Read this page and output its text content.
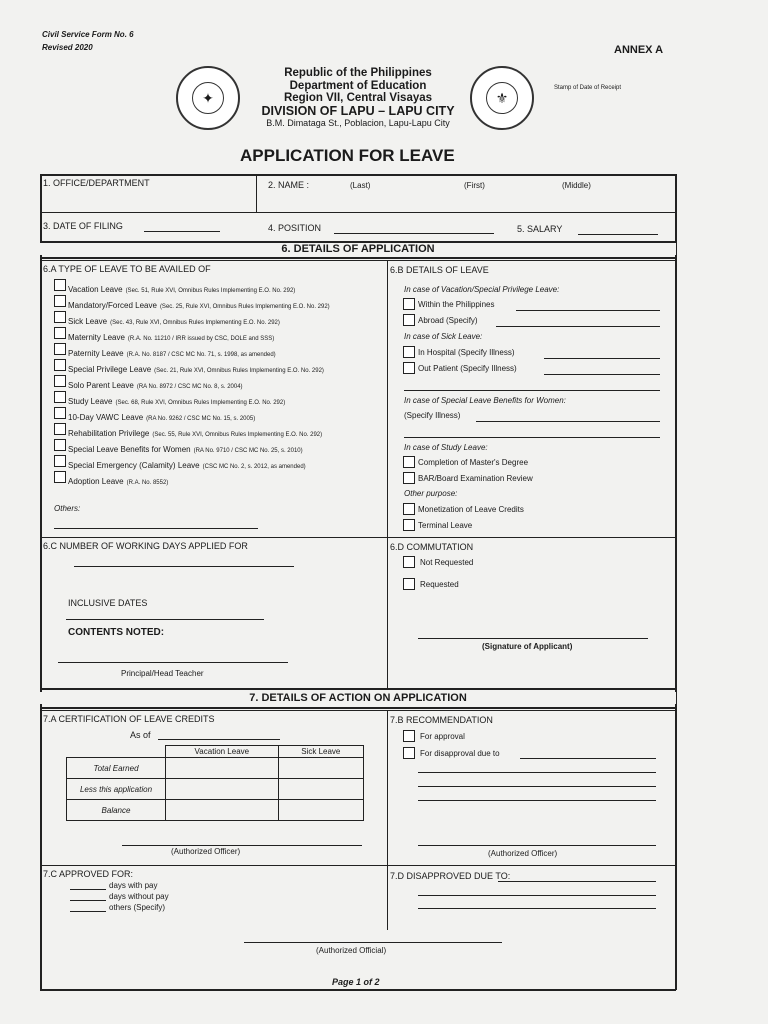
Civil Service Form No. 6
Revised 2020	ANNEX A
✦	⚜
Republic of the Philippines
Department of Education
Region VII, Central Visayas
DIVISION OF LAPU – LAPU CITY
B.M. Dimataga St., Poblacion, Lapu-Lapu City
Stamp of Date of Receipt
APPLICATION FOR LEAVE
1. OFFICE/DEPARTMENT	2. NAME :	(Last)	(First)	(Middle)
3. DATE OF FILING	4. POSITION	5. SALARY
6. DETAILS OF APPLICATION
6.A TYPE OF LEAVE TO BE AVAILED OF
Vacation Leave (Sec. 51, Rule XVI, Omnibus Rules Implementing E.O. No. 292)
Mandatory/Forced Leave (Sec. 25, Rule XVI, Omnibus Rules Implementing E.O. No. 292)
Sick Leave (Sec. 43, Rule XVI, Omnibus Rules Implementing E.O. No. 292)
Maternity Leave (R.A. No. 11210 / IRR issued by CSC, DOLE and SSS)
Paternity Leave (R.A. No. 8187 / CSC MC No. 71, s. 1998, as amended)
Special Privilege Leave (Sec. 21, Rule XVI, Omnibus Rules Implementing E.O. No. 292)
Solo Parent Leave (RA No. 8972 / CSC MC No. 8, s. 2004)
Study Leave (Sec. 68, Rule XVI, Omnibus Rules Implementing E.O. No. 292)
10-Day VAWC Leave (RA No. 9262 / CSC MC No. 15, s. 2005)
Rehabilitation Privilege (Sec. 55, Rule XVI, Omnibus Rules Implementing E.O. No. 292)
Special Leave Benefits for Women (RA No. 9710 / CSC MC No. 25, s. 2010)
Special Emergency (Calamity) Leave (CSC MC No. 2, s. 2012, as amended)
Adoption Leave (R.A. No. 8552)
Others:
6.B DETAILS OF LEAVE
In case of Vacation/Special Privilege Leave:
Within the Philippines
Abroad (Specify)
In case of Sick Leave:
In Hospital (Specify Illness)
Out Patient (Specify Illness)
In case of Special Leave Benefits for Women:
(Specify Illness)
In case of Study Leave:
Completion of Master's Degree
BAR/Board Examination Review
Other purpose:
Monetization of Leave Credits
Terminal Leave
6.C NUMBER OF WORKING DAYS APPLIED FOR
INCLUSIVE DATES
CONTENTS NOTED:
Principal/Head Teacher
6.D COMMUTATION
Not Requested
Requested
(Signature of Applicant)
7. DETAILS OF ACTION ON APPLICATION
7.A CERTIFICATION OF LEAVE CREDITS
As of
	Vacation Leave	Sick Leave
Total Earned		
Less this application		
Balance		
(Authorized Officer)
7.B RECOMMENDATION
For approval
For disapproval due to
(Authorized Officer)
7.C APPROVED FOR:
days with pay
days without pay
others (Specify)
7.D DISAPPROVED DUE TO:
(Authorized Official)
Page 1 of 2
